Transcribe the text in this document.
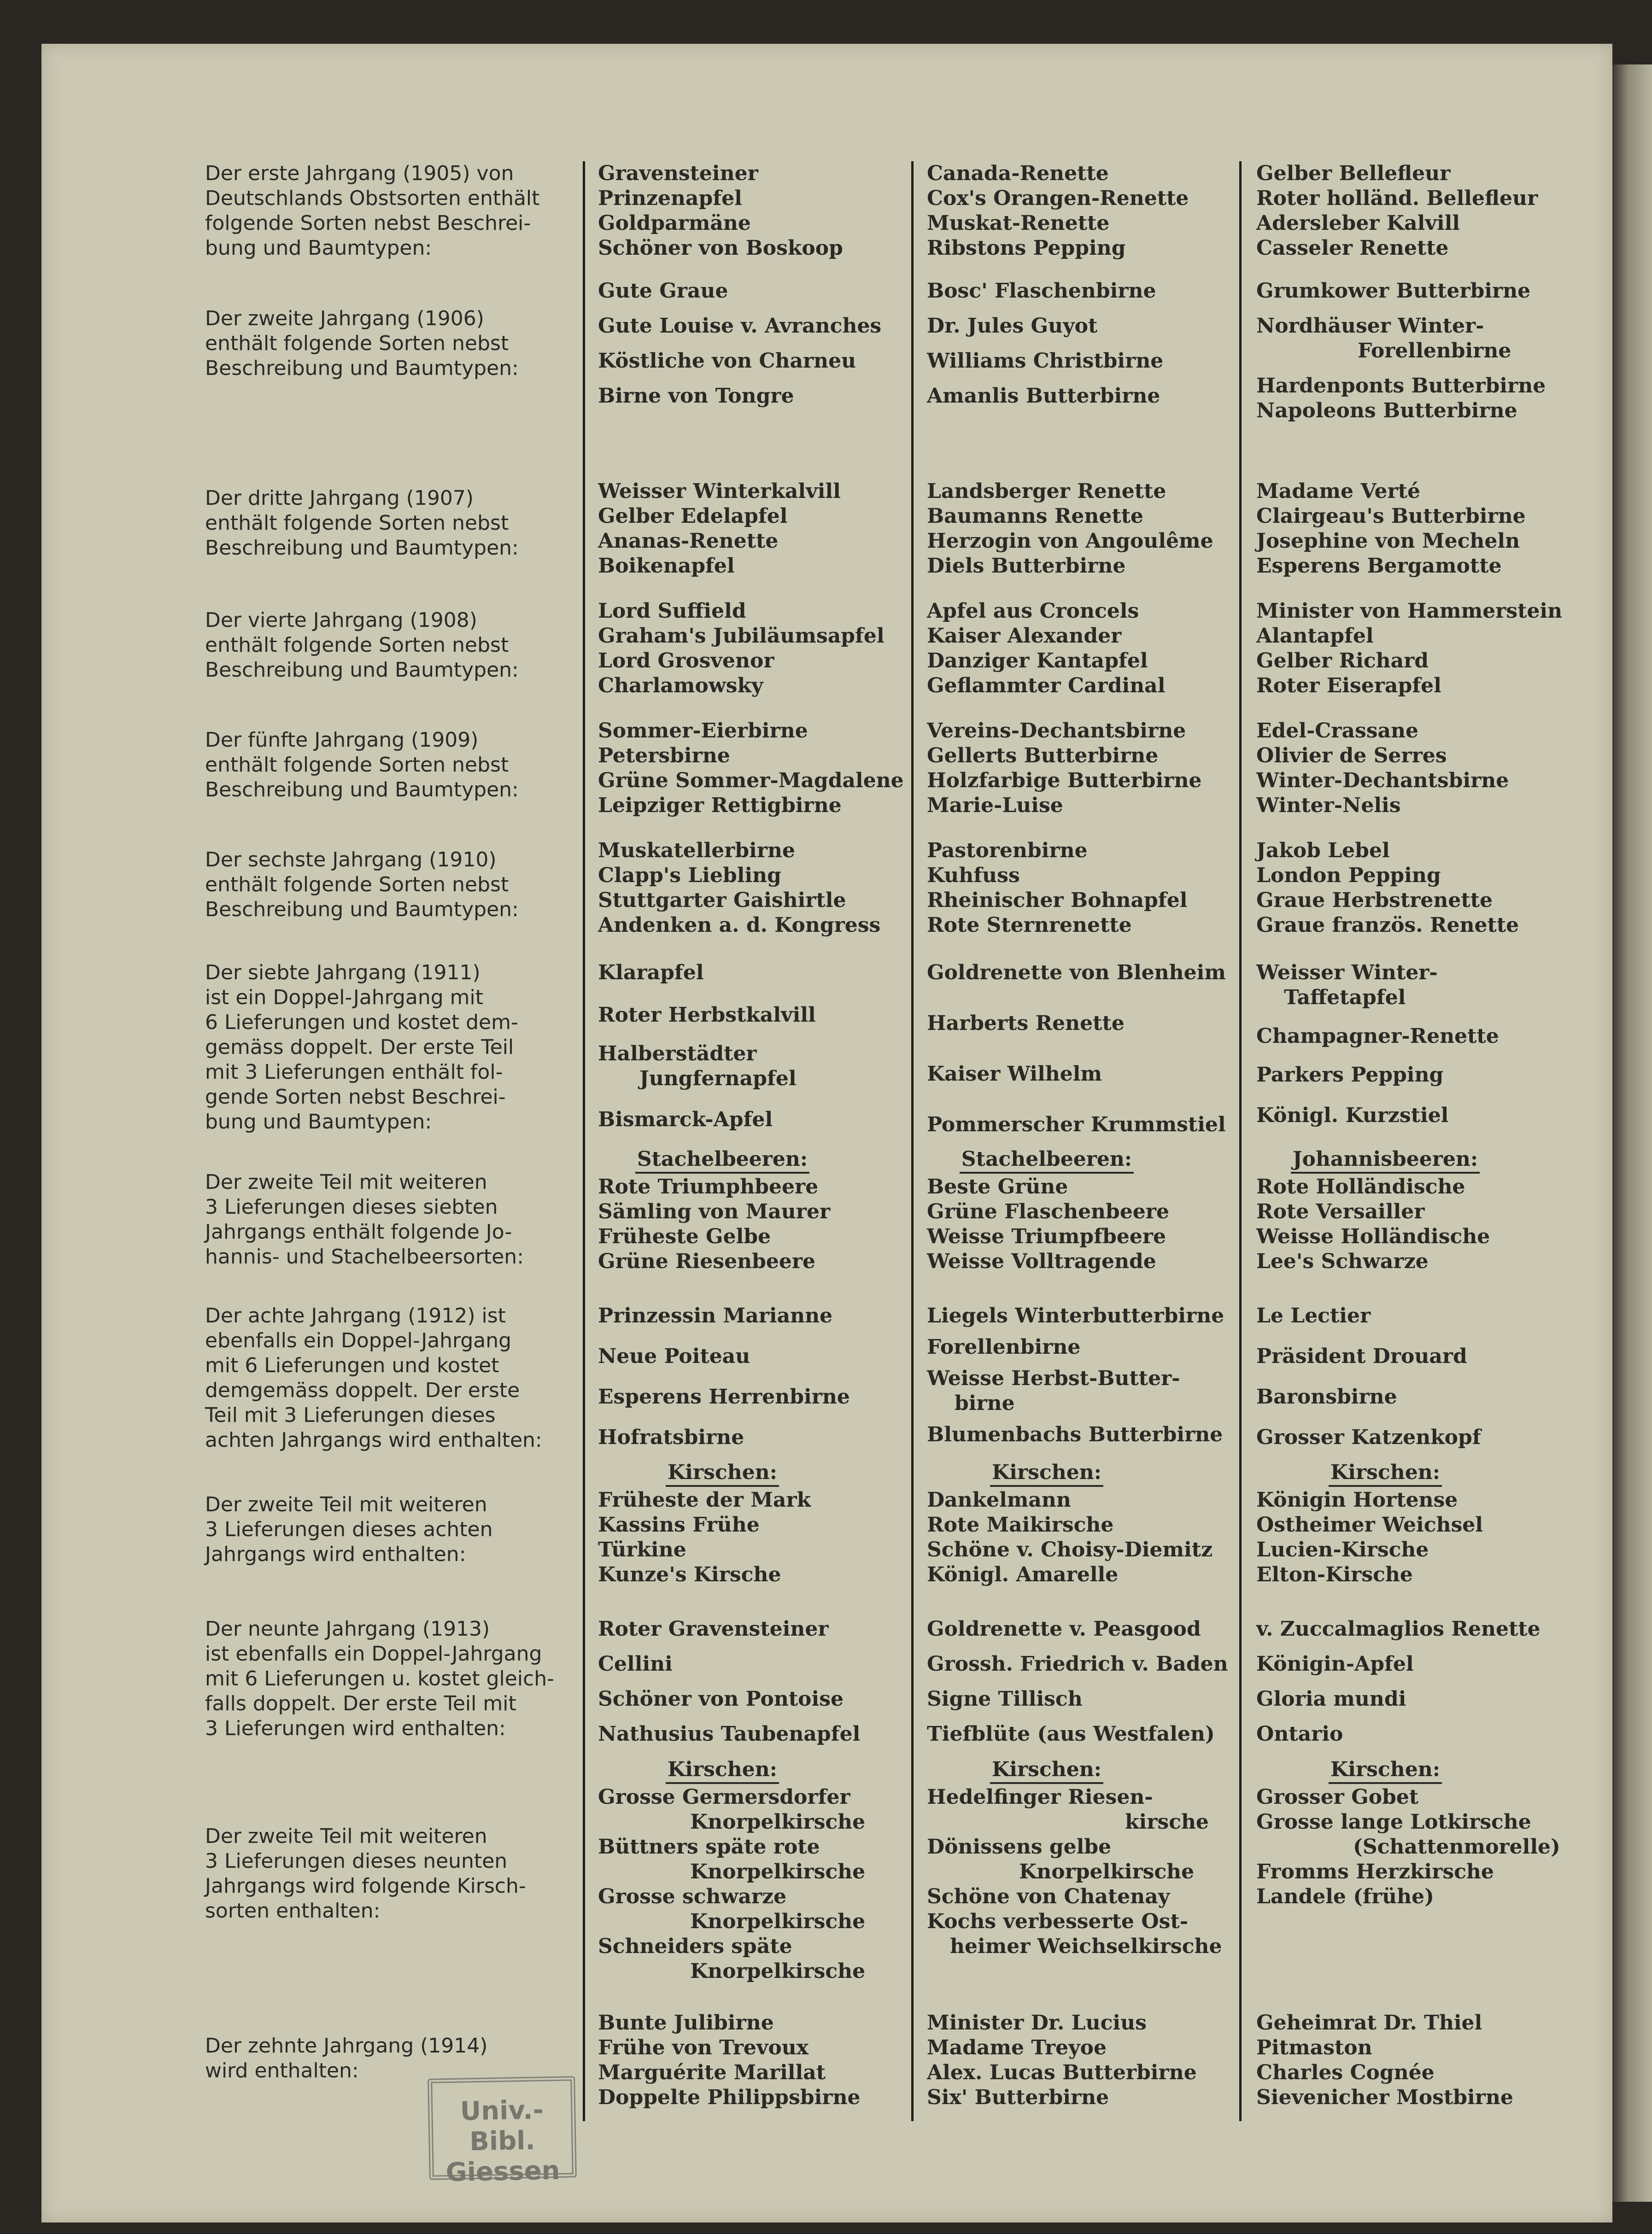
Der erste Jahrgang (1905) von
Deutschlands Obstsorten enthält
folgende Sorten nebst Beschrei-
bung und Baumtypen:
Gravensteiner
Prinzenapfel
Goldparmäne
Schöner von Boskoop
Canada-Renette
Cox's Orangen-Renette
Muskat-Renette
Ribstons Pepping
Gelber Bellefleur
Roter holländ. Bellefleur
Adersleber Kalvill
Casseler Renette
Der zweite Jahrgang (1906)
enthält folgende Sorten nebst
Beschreibung und Baumtypen:
Gute Graue
Gute Louise v. Avranches
Köstliche von Charneu
Birne von Tongre
Bosc' Flaschenbirne
Dr. Jules Guyot
Williams Christbirne
Amanlis Butterbirne
Grumkower Butterbirne
Nordhäuser Winter-
Forellenbirne
Hardenponts Butterbirne
Napoleons Butterbirne
Der dritte Jahrgang (1907)
enthält folgende Sorten nebst
Beschreibung und Baumtypen:
Weisser Winterkalvill
Gelber Edelapfel
Ananas-Renette
Boikenapfel
Landsberger Renette
Baumanns Renette
Herzogin von Angoulême
Diels Butterbirne
Madame Verté
Clairgeau's Butterbirne
Josephine von Mecheln
Esperens Bergamotte
Der vierte Jahrgang (1908)
enthält folgende Sorten nebst
Beschreibung und Baumtypen:
Lord Suffield
Graham's Jubiläumsapfel
Lord Grosvenor
Charlamowsky
Apfel aus Croncels
Kaiser Alexander
Danziger Kantapfel
Geflammter Cardinal
Minister von Hammerstein
Alantapfel
Gelber Richard
Roter Eiserapfel
Der fünfte Jahrgang (1909)
enthält folgende Sorten nebst
Beschreibung und Baumtypen:
Sommer-Eierbirne
Petersbirne
Grüne Sommer-Magdalene
Leipziger Rettigbirne
Vereins-Dechantsbirne
Gellerts Butterbirne
Holzfarbige Butterbirne
Marie-Luise
Edel-Crassane
Olivier de Serres
Winter-Dechantsbirne
Winter-Nelis
Der sechste Jahrgang (1910)
enthält folgende Sorten nebst
Beschreibung und Baumtypen:
Muskatellerbirne
Clapp's Liebling
Stuttgarter Gaishirtle
Andenken a. d. Kongress
Pastorenbirne
Kuhfuss
Rheinischer Bohnapfel
Rote Sternrenette
Jakob Lebel
London Pepping
Graue Herbstrenette
Graue französ. Renette
Der siebte Jahrgang (1911)
ist ein Doppel-Jahrgang mit
6 Lieferungen und kostet dem-
gemäss doppelt. Der erste Teil
mit 3 Lieferungen enthält fol-
gende Sorten nebst Beschrei-
bung und Baumtypen:
Klarapfel
Roter Herbstkalvill
Halberstädter
Jungfernapfel
Bismarck-Apfel
Goldrenette von Blenheim
Harberts Renette
Kaiser Wilhelm
Pommerscher Krummstiel
Weisser Winter-
Taffetapfel
Champagner-Renette
Parkers Pepping
Königl. Kurzstiel
Der zweite Teil mit weiteren
3 Lieferungen dieses siebten
Jahrgangs enthält folgende Jo-
hannis- und Stachelbeersorten:
Stachelbeeren:
Rote Triumphbeere
Sämling von Maurer
Früheste Gelbe
Grüne Riesenbeere
Stachelbeeren:
Beste Grüne
Grüne Flaschenbeere
Weisse Triumpfbeere
Weisse Volltragende
Johannisbeeren:
Rote Holländische
Rote Versailler
Weisse Holländische
Lee's Schwarze
Der achte Jahrgang (1912) ist
ebenfalls ein Doppel-Jahrgang
mit 6 Lieferungen und kostet
demgemäss doppelt. Der erste
Teil mit 3 Lieferungen dieses
achten Jahrgangs wird enthalten:
Prinzessin Marianne
Neue Poiteau
Esperens Herrenbirne
Hofratsbirne
Liegels Winterbutterbirne
Forellenbirne
Weisse Herbst-Butter-
birne
Blumenbachs Butterbirne
Le Lectier
Präsident Drouard
Baronsbirne
Grosser Katzenkopf
Der zweite Teil mit weiteren
3 Lieferungen dieses achten
Jahrgangs wird enthalten:
Kirschen:
Früheste der Mark
Kassins Frühe
Türkine
Kunze's Kirsche
Kirschen:
Dankelmann
Rote Maikirsche
Schöne v. Choisy-Diemitz
Königl. Amarelle
Kirschen:
Königin Hortense
Ostheimer Weichsel
Lucien-Kirsche
Elton-Kirsche
Der neunte Jahrgang (1913)
ist ebenfalls ein Doppel-Jahrgang
mit 6 Lieferungen u. kostet gleich-
falls doppelt. Der erste Teil mit
3 Lieferungen wird enthalten:
Roter Gravensteiner
Cellini
Schöner von Pontoise
Nathusius Taubenapfel
Goldrenette v. Peasgood
Grossh. Friedrich v. Baden
Signe Tillisch
Tiefblüte (aus Westfalen)
v. Zuccalmaglios Renette
Königin-Apfel
Gloria mundi
Ontario
Der zweite Teil mit weiteren
3 Lieferungen dieses neunten
Jahrgangs wird folgende Kirsch-
sorten enthalten:
Kirschen:
Grosse Germersdorfer
Knorpelkirsche
Büttners späte rote
Knorpelkirsche
Grosse schwarze
Knorpelkirsche
Schneiders späte
Knorpelkirsche
Kirschen:
Hedelfinger Riesen-
kirsche
Dönissens gelbe
Knorpelkirsche
Schöne von Chatenay
Kochs verbesserte Ost-
heimer Weichselkirsche
Kirschen:
Grosser Gobet
Grosse lange Lotkirsche
(Schattenmorelle)
Fromms Herzkirsche
Landele (frühe)
Der zehnte Jahrgang (1914)
wird enthalten:
Bunte Julibirne
Frühe von Trevoux
Marguérite Marillat
Doppelte Philippsbirne
Minister Dr. Lucius
Madame Treyoe
Alex. Lucas Butterbirne
Six' Butterbirne
Geheimrat Dr. Thiel
Pitmaston
Charles Cognée
Sievenicher Mostbirne
Univ.-Bibl.
Giessen
